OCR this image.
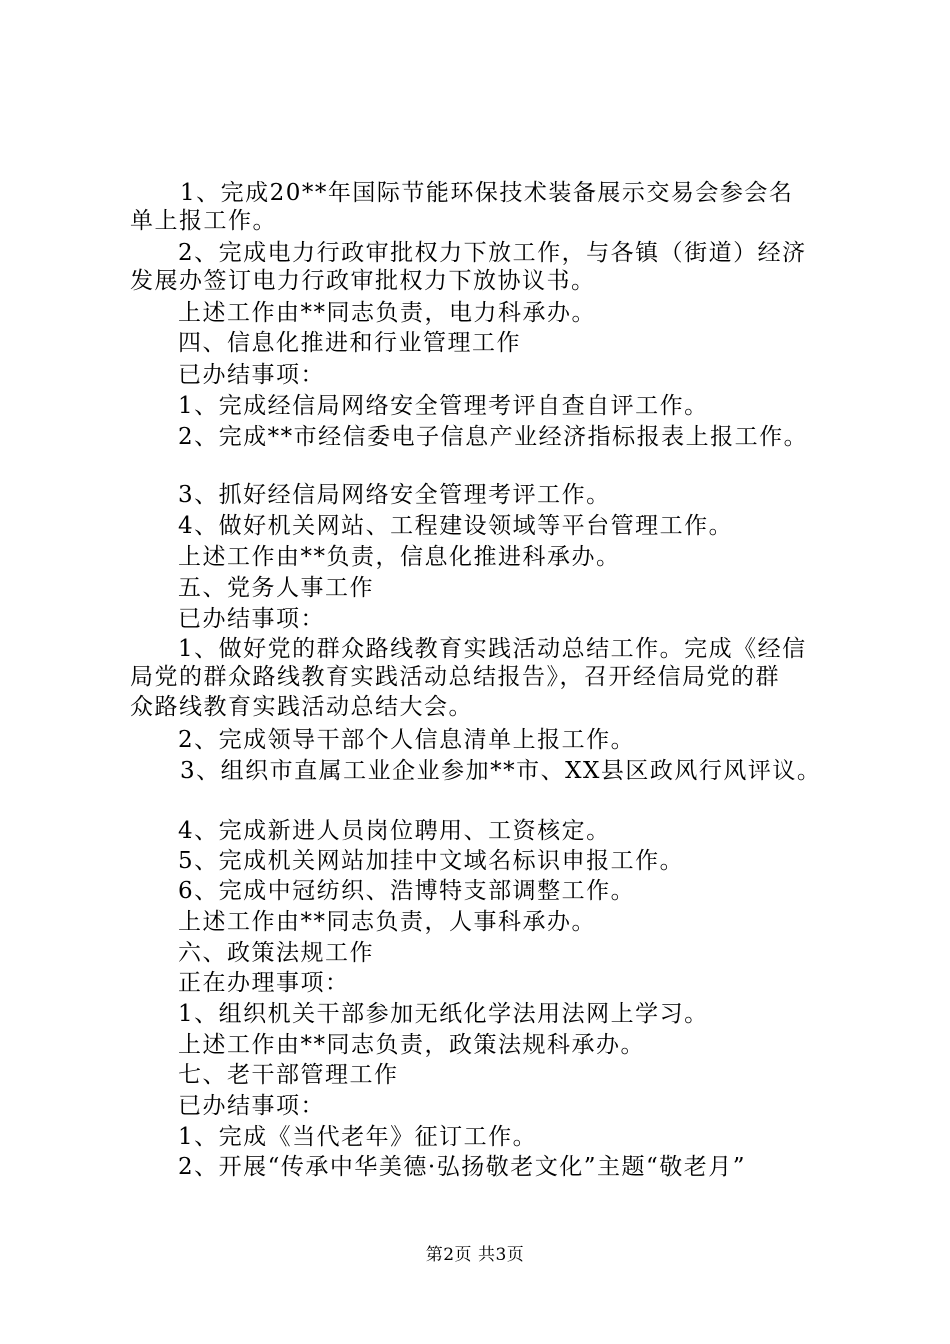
1、完成20**年国际节能环保技术装备展示交易会参会名
单上报工作。
2、完成电力行政审批权力下放工作，与各镇（街道）经济
发展办签订电力行政审批权力下放协议书。
上述工作由**同志负责，电力科承办。
四、信息化推进和行业管理工作
已办结事项：
1、完成经信局网络安全管理考评自查自评工作。
2、完成**市经信委电子信息产业经济指标报表上报工作。
3、抓好经信局网络安全管理考评工作。
4、做好机关网站、工程建设领域等平台管理工作。
上述工作由**负责，信息化推进科承办。
五、党务人事工作
已办结事项：
1、做好党的群众路线教育实践活动总结工作。完成《经信
局党的群众路线教育实践活动总结报告》，召开经信局党的群
众路线教育实践活动总结大会。
2、完成领导干部个人信息清单上报工作。
3、组织市直属工业企业参加**市、XX县区政风行风评议。
4、完成新进人员岗位聘用、工资核定。
5、完成机关网站加挂中文域名标识申报工作。
6、完成中冠纺织、浩博特支部调整工作。
上述工作由**同志负责，人事科承办。
六、政策法规工作
正在办理事项：
1、组织机关干部参加无纸化学法用法网上学习。
上述工作由**同志负责，政策法规科承办。
七、老干部管理工作
已办结事项：
1、完成《当代老年》征订工作。
2、开展“传承中华美德·弘扬敬老文化”主题“敬老月”
第2页 共3页
